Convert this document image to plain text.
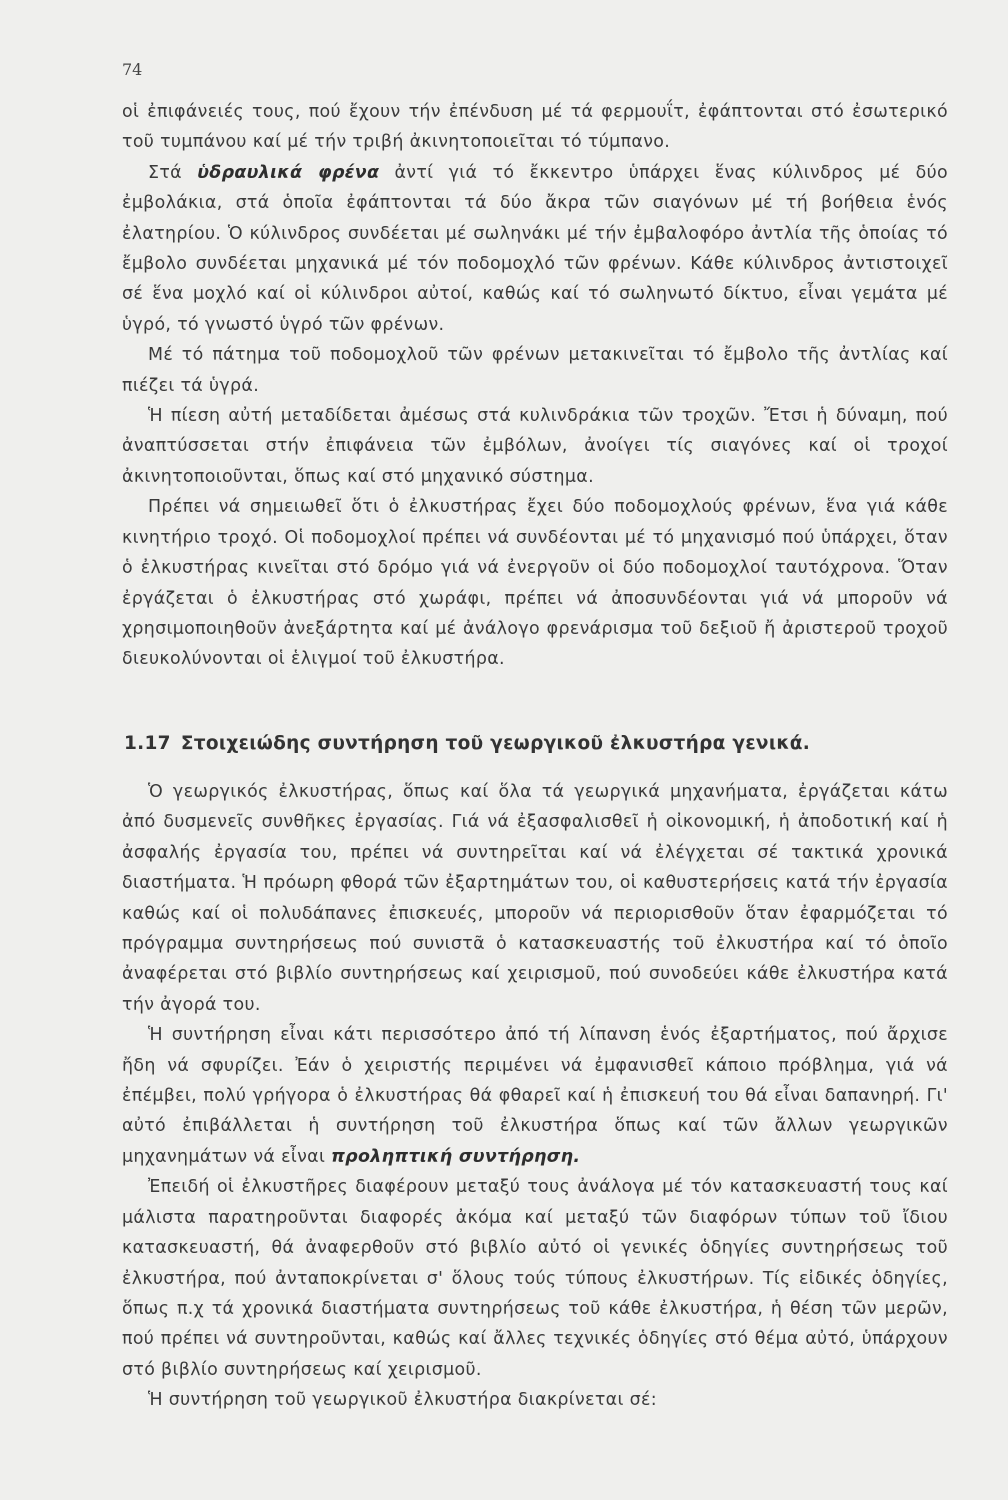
74

οἱ ἐπιφάνειές τους, πού ἔχουν τήν ἐπένδυση μέ τά φερμουΐτ, ἐφάπτονται στό ἐσωτερικό τοῦ τυμπάνου καί μέ τήν τριβή ἀκινητοποιεῖται τό τύμπανο.

Στά ὑδραυλικά φρένα ἀντί γιά τό ἔκκεντρο ὑπάρχει ἕνας κύλινδρος μέ δύο ἐμβολάκια, στά ὁποῖα ἐφάπτονται τά δύο ἄκρα τῶν σιαγόνων μέ τή βοήθεια ἑνός ἐλατηρίου. Ὁ κύλινδρος συνδέεται μέ σωληνάκι μέ τήν ἐμβαλοφόρο ἀντλία τῆς ὁποίας τό ἔμβολο συνδέεται μηχανικά μέ τόν ποδομοχλό τῶν φρένων. Κάθε κύλινδρος ἀντιστοιχεῖ σέ ἕνα μοχλό καί οἱ κύλινδροι αὐτοί, καθώς καί τό σωληνωτό δίκτυο, εἶναι γεμάτα μέ ὑγρό, τό γνωστό ὑγρό τῶν φρένων.

Μέ τό πάτημα τοῦ ποδομοχλοῦ τῶν φρένων μετακινεῖται τό ἔμβολο τῆς ἀντλίας καί πιέζει τά ὑγρά.

Ἡ πίεση αὐτή μεταδίδεται ἀμέσως στά κυλινδράκια τῶν τροχῶν. Ἔτσι ἡ δύναμη, πού ἀναπτύσσεται στήν ἐπιφάνεια τῶν ἐμβόλων, ἀνοίγει τίς σιαγόνες καί οἱ τροχοί ἀκινητοποιοῦνται, ὅπως καί στό μηχανικό σύστημα.

Πρέπει νά σημειωθεῖ ὅτι ὁ ἐλκυστήρας ἔχει δύο ποδομοχλούς φρένων, ἕνα γιά κάθε κινητήριο τροχό. Οἱ ποδομοχλοί πρέπει νά συνδέονται μέ τό μηχανισμό πού ὑπάρχει, ὅταν ὁ ἐλκυστήρας κινεῖται στό δρόμο γιά νά ἐνεργοῦν οἱ δύο ποδομοχλοί ταυτόχρονα. Ὅταν ἐργάζεται ὁ ἐλκυστήρας στό χωράφι, πρέπει νά ἀποσυνδέονται γιά νά μποροῦν νά χρησιμοποιηθοῦν ἀνεξάρτητα καί μέ ἀνάλογο φρενάρισμα τοῦ δεξιοῦ ἤ ἀριστεροῦ τροχοῦ διευκολύνονται οἱ ἑλιγμοί τοῦ ἐλκυστήρα.

1.17 Στοιχειώδης συντήρηση τοῦ γεωργικοῦ ἐλκυστήρα γενικά.

Ὁ γεωργικός ἐλκυστήρας, ὅπως καί ὅλα τά γεωργικά μηχανήματα, ἐργάζεται κάτω ἀπό δυσμενεῖς συνθῆκες ἐργασίας. Γιά νά ἐξασφαλισθεῖ ἡ οἰκονομική, ἡ ἀποδοτική καί ἡ ἀσφαλής ἐργασία του, πρέπει νά συντηρεῖται καί νά ἐλέγχεται σέ τακτικά χρονικά διαστήματα. Ἡ πρόωρη φθορά τῶν ἐξαρτημάτων του, οἱ καθυστερήσεις κατά τήν ἐργασία καθώς καί οἱ πολυδάπανες ἐπισκευές, μποροῦν νά περιορισθοῦν ὅταν ἐφαρμόζεται τό πρόγραμμα συντηρήσεως πού συνιστᾶ ὁ κατασκευαστής τοῦ ἐλκυστήρα καί τό ὁποῖο ἀναφέρεται στό βιβλίο συντηρήσεως καί χειρισμοῦ, πού συνοδεύει κάθε ἐλκυστήρα κατά τήν ἀγορά του.

Ἡ συντήρηση εἶναι κάτι περισσότερο ἀπό τή λίπανση ἑνός ἐξαρτήματος, πού ἄρχισε ἤδη νά σφυρίζει. Ἐάν ὁ χειριστής περιμένει νά ἐμφανισθεῖ κάποιο πρόβλημα, γιά νά ἐπέμβει, πολύ γρήγορα ὁ ἐλκυστήρας θά φθαρεῖ καί ἡ ἐπισκευή του θά εἶναι δαπανηρή. Γι' αὐτό ἐπιβάλλεται ἡ συντήρηση τοῦ ἐλκυστήρα ὅπως καί τῶν ἄλλων γεωργικῶν μηχανημάτων νά εἶναι προληπτική συντήρηση.

Ἐπειδή οἱ ἐλκυστῆρες διαφέρουν μεταξύ τους ἀνάλογα μέ τόν κατασκευαστή τους καί μάλιστα παρατηροῦνται διαφορές ἀκόμα καί μεταξύ τῶν διαφόρων τύπων τοῦ ἴδιου κατασκευαστή, θά ἀναφερθοῦν στό βιβλίο αὐτό οἱ γενικές ὁδηγίες συντηρήσεως τοῦ ἐλκυστήρα, πού ἀνταποκρίνεται σ' ὅλους τούς τύπους ἐλκυστήρων. Τίς εἰδικές ὁδηγίες, ὅπως π.χ τά χρονικά διαστήματα συντηρήσεως τοῦ κάθε ἐλκυστήρα, ἡ θέση τῶν μερῶν, πού πρέπει νά συντηροῦνται, καθώς καί ἄλλες τεχνικές ὁδηγίες στό θέμα αὐτό, ὑπάρχουν στό βιβλίο συντηρήσεως καί χειρισμοῦ.

Ἡ συντήρηση τοῦ γεωργικοῦ ἐλκυστήρα διακρίνεται σέ:
